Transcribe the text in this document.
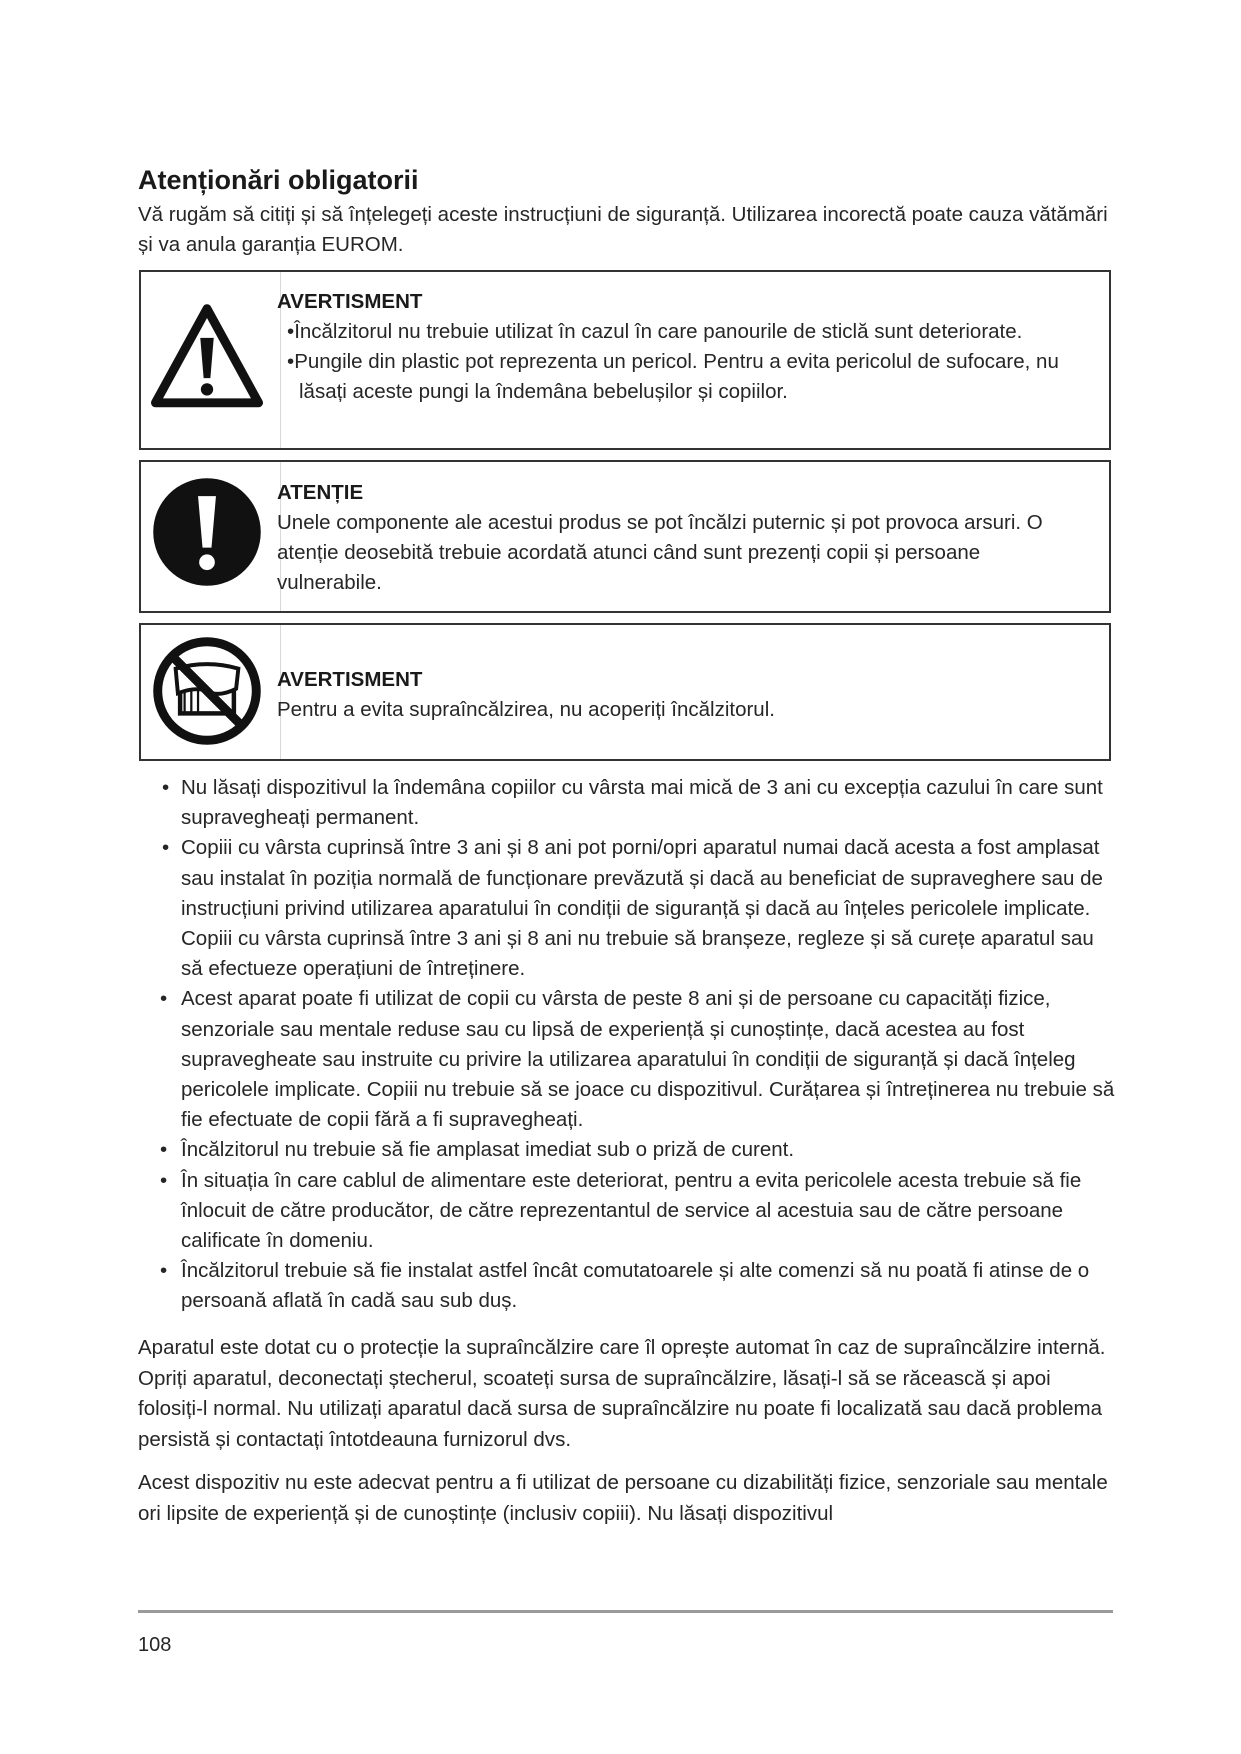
Atenționări obligatorii

Vă rugăm să citiți și să înțelegeți aceste instrucțiuni de siguranță. Utilizarea incorectă poate cauza vătămări și va anula garanția EUROM.

AVERTISMENT

•Încălzitorul nu trebuie utilizat în cazul în care panourile de sticlă sunt deteriorate.

•Pungile din plastic pot reprezenta un pericol. Pentru a evita pericolul de sufocare, nu lăsați aceste pungi la îndemâna bebelușilor și copiilor.

ATENȚIE

Unele componente ale acestui produs se pot încălzi puternic și pot provoca arsuri. O atenție deosebită trebuie acordată atunci când sunt prezenți copii și persoane vulnerabile.

AVERTISMENT

Pentru a evita supraîncălzirea, nu acoperiți încălzitorul.

• Nu lăsați dispozitivul la îndemâna copiilor cu vârsta mai mică de 3 ani cu excepția cazului în care sunt supravegheați permanent.
• Copiii cu vârsta cuprinsă între 3 ani și 8 ani pot porni/opri aparatul numai dacă acesta a fost amplasat sau instalat în poziția normală de funcționare prevăzută și dacă au beneficiat de supraveghere sau de instrucțiuni privind utilizarea aparatului în condiții de siguranță și dacă au înțeles pericolele implicate. Copiii cu vârsta cuprinsă între 3 ani și 8 ani nu trebuie să branșeze, regleze și să curețe aparatul sau să efectueze operațiuni de întreținere.
• Acest aparat poate fi utilizat de copii cu vârsta de peste 8 ani și de persoane cu capacități fizice, senzoriale sau mentale reduse sau cu lipsă de experiență și cunoștințe, dacă acestea au fost supravegheate sau instruite cu privire la utilizarea aparatului în condiții de siguranță și dacă înțeleg pericolele implicate. Copiii nu trebuie să se joace cu dispozitivul. Curățarea și întreținerea nu trebuie să fie efectuate de copii fără a fi supravegheați.
• Încălzitorul nu trebuie să fie amplasat imediat sub o priză de curent.
• În situația în care cablul de alimentare este deteriorat, pentru a evita pericolele acesta trebuie să fie înlocuit de către producător, de către reprezentantul de service al acestuia sau de către persoane calificate în domeniu.
• Încălzitorul trebuie să fie instalat astfel încât comutatoarele și alte comenzi să nu poată fi atinse de o persoană aflată în cadă sau sub duș.

Aparatul este dotat cu o protecție la supraîncălzire care îl oprește automat în caz de supraîncălzire internă. Opriți aparatul, deconectați ștecherul, scoateți sursa de supraîncălzire, lăsați-l să se răcească și apoi folosiți-l normal. Nu utilizați aparatul dacă sursa de supraîncălzire nu poate fi localizată sau dacă problema persistă și contactați întotdeauna furnizorul dvs.

Acest dispozitiv nu este adecvat pentru a fi utilizat de persoane cu dizabilități fizice, senzoriale sau mentale ori lipsite de experiență și de cunoștințe (inclusiv copiii). Nu lăsați dispozitivul

108
